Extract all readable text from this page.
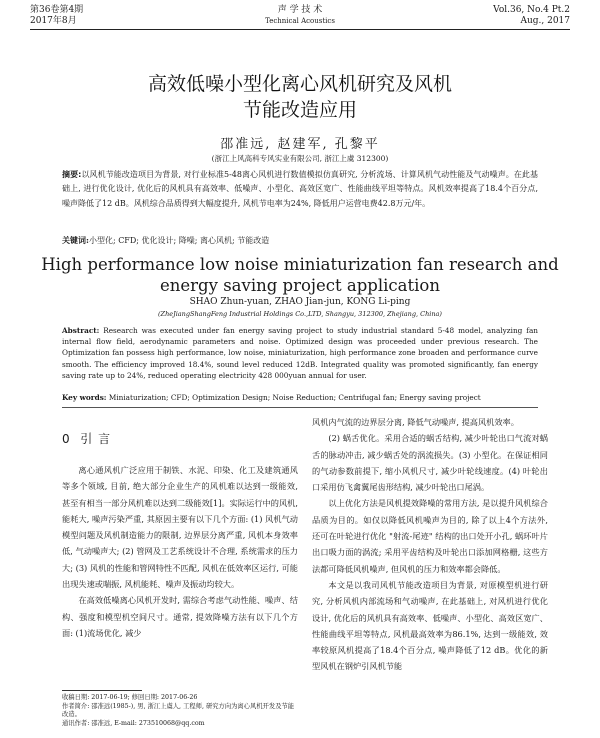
第36卷第4期
2017年8月
声 学 技 术
Technical Acoustics
Vol.36, No.4 Pt.2
Aug., 2017
高效低噪小型化离心风机研究及风机
节能改造应用
邵准远, 赵建军, 孔黎平
(浙江上风高科专风实业有限公司, 浙江上虞 312300)
摘要:以风机节能改造项目为背景, 对行业标准5-48离心风机进行数值模拟仿真研究, 分析流场、计算风机气动性能及气动噪声。在此基础上, 进行优化设计, 优化后的风机具有高效率、低噪声、小型化、高效区宽广、性能曲线平坦等特点。风机效率提高了18.4个百分点, 噪声降低了12 dB。风机综合品质得到大幅度提升, 风机节电率为24%, 降低用户运营电费42.8万元/年。
关键词:小型化; CFD; 优化设计; 降噪; 离心风机; 节能改造
High performance low noise miniaturization fan research and
energy saving project application
SHAO Zhun-yuan, ZHAO Jian-jun, KONG Li-ping
(ZheJiangShangFeng Industrial Holdings Co.,LTD, Shangyu, 312300, Zhejiang, China)
Abstract: Research was executed under fan energy saving project to study industrial standard 5-48 model, analyzing fan internal flow field, aerodynamic parameters and noise. Optimized design was proceeded under previous research. The Optimization fan possess high performance, low noise, miniaturization, high performance zone broaden and performance curve smooth. The efficiency improved 18.4%, sound level reduced 12dB. Integrated quality was promoted significantly, fan energy saving rate up to 24%, reduced operating electricity 428 000yuan annual for user.
Key words: Miniaturization; CFD; Optimization Design; Noise Reduction; Centrifugal fan; Energy saving project
0 引 言

离心通风机广泛应用于制铁、水泥、印染、化工及建筑通风等多个领域, 目前, 绝大部分企业生产的风机难以达到一级能效, 甚至有相当一部分风机难以达到二级能效[1]。实际运行中的风机, 能耗大, 噪声污染严重, 其原因主要有以下几个方面: (1) 风机气动模型问题及风机制造能力的限制, 边界层分离严重, 风机本身效率低, 气动噪声大; (2) 管网及工艺系统设计不合理, 系统需求的压力大; (3) 风机的性能和管网特性不匹配, 风机在低效率区运行, 可能出现失速或喘振, 风机能耗、噪声及振动均较大。

在高效低噪离心风机开发时, 需综合考虑气动性能、噪声、结构、强度和模型机空间尺寸。通常, 提效降噪方法有以下几个方面: (1)流场优化, 减少

风机内气流的边界层分离, 降低气动噪声, 提高风机效率。

(2) 蜗舌优化。采用合适的蜗舌结构, 减少叶轮出口气流对蜗舌的脉动冲击, 减少蜗舌处的涡流损失。(3) 小型化。在保证相同的气动参数前提下, 缩小风机尺寸, 减少叶轮线速度。(4) 叶轮出口采用仿飞禽翼尾齿形结构, 减少叶轮出口尾涡。

以上优化方法是风机提效降噪的常用方法, 是以提升风机综合品质为目的。如仅以降低风机噪声为目的, 除了以上4个方法外, 还可在叶轮进行优化 "射流-尾迹" 结构的出口处开小孔, 蜗环叶片出口吸力面的涡流; 采用平齿结构及叶轮出口添加网格栅, 这些方法都可降低风机噪声, 但风机的压力和效率都会降低。

本文是以我司风机节能改造项目为背景, 对原模型机进行研究, 分析风机内部流场和气动噪声, 在此基础上, 对风机进行优化设计, 优化后的风机具有高效率、低噪声、小型化、高效区宽广、性能曲线平坦等特点, 风机最高效率为86.1%, 达到一级能效, 效率较原风机提高了18.4个百分点, 噪声降低了12 dB。优化的新型风机在钢炉引风机节能

收稿日期: 2017-06-19; 修回日期: 2017-06-26
作者简介: 邵准远(1985-), 男, 浙江上虞人, 工程师, 研究方向为离心风机开发及节能改造。
通讯作者: 邵准远, E-mail: 273510068@qq.com
